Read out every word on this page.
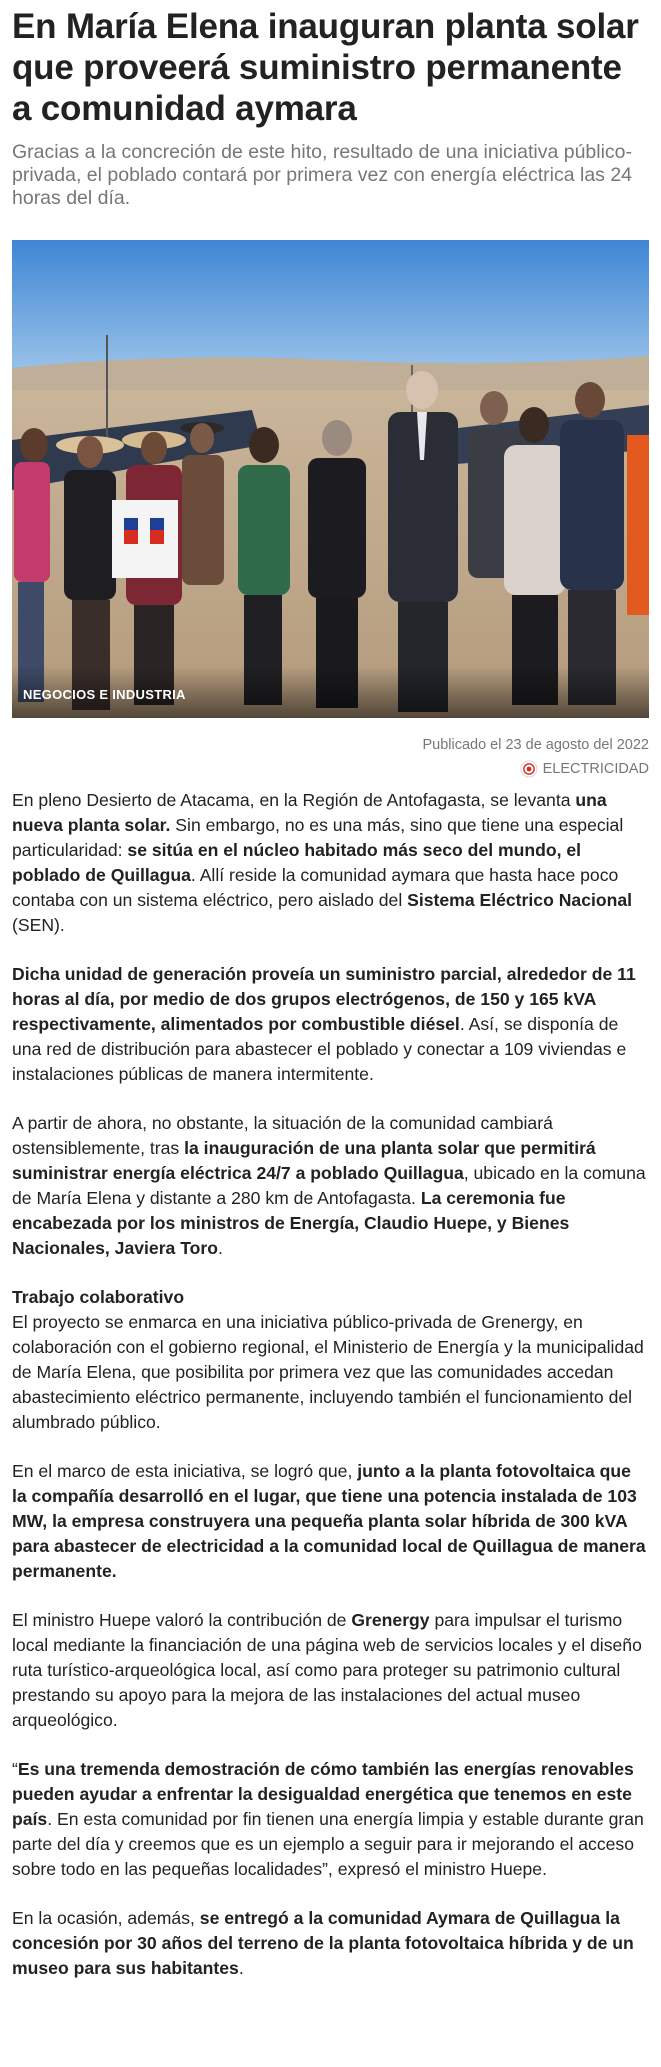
En María Elena inauguran planta solar que proveerá suministro permanente a comunidad aymara

Gracias a la concreción de este hito, resultado de una iniciativa público-privada, el poblado contará por primera vez con energía eléctrica las 24 horas del día.

NEGOCIOS E INDUSTRIA
Publicado el 23 de agosto del 2022
ELECTRICIDAD

En pleno Desierto de Atacama, en la Región de Antofagasta, se levanta una nueva planta solar. Sin embargo, no es una más, sino que tiene una especial particularidad: se sitúa en el núcleo habitado más seco del mundo, el poblado de Quillagua. Allí reside la comunidad aymara que hasta hace poco contaba con un sistema eléctrico, pero aislado del Sistema Eléctrico Nacional (SEN).

Dicha unidad de generación proveía un suministro parcial, alrededor de 11 horas al día, por medio de dos grupos electrógenos, de 150 y 165 kVA respectivamente, alimentados por combustible diésel. Así, se disponía de una red de distribución para abastecer el poblado y conectar a 109 viviendas e instalaciones públicas de manera intermitente.

A partir de ahora, no obstante, la situación de la comunidad cambiará ostensiblemente, tras la inauguración de una planta solar que permitirá suministrar energía eléctrica 24/7 a poblado Quillagua, ubicado en la comuna de María Elena y distante a 280 km de Antofagasta. La ceremonia fue encabezada por los ministros de Energía, Claudio Huepe, y Bienes Nacionales, Javiera Toro.

Trabajo colaborativo
El proyecto se enmarca en una iniciativa público-privada de Grenergy, en colaboración con el gobierno regional, el Ministerio de Energía y la municipalidad de María Elena, que posibilita por primera vez que las comunidades accedan abastecimiento eléctrico permanente, incluyendo también el funcionamiento del alumbrado público.

En el marco de esta iniciativa, se logró que, junto a la planta fotovoltaica que la compañía desarrolló en el lugar, que tiene una potencia instalada de 103 MW, la empresa construyera una pequeña planta solar híbrida de 300 kVA para abastecer de electricidad a la comunidad local de Quillagua de manera permanente.

El ministro Huepe valoró la contribución de Grenergy para impulsar el turismo local mediante la financiación de una página web de servicios locales y el diseño ruta turístico-arqueológica local, así como para proteger su patrimonio cultural prestando su apoyo para la mejora de las instalaciones del actual museo arqueológico.

“Es una tremenda demostración de cómo también las energías renovables pueden ayudar a enfrentar la desigualdad energética que tenemos en este país. En esta comunidad por fin tienen una energía limpia y estable durante gran parte del día y creemos que es un ejemplo a seguir para ir mejorando el acceso sobre todo en las pequeñas localidades”, expresó el ministro Huepe.

En la ocasión, además, se entregó a la comunidad Aymara de Quillagua la concesión por 30 años del terreno de la planta fotovoltaica híbrida y de un museo para sus habitantes.
